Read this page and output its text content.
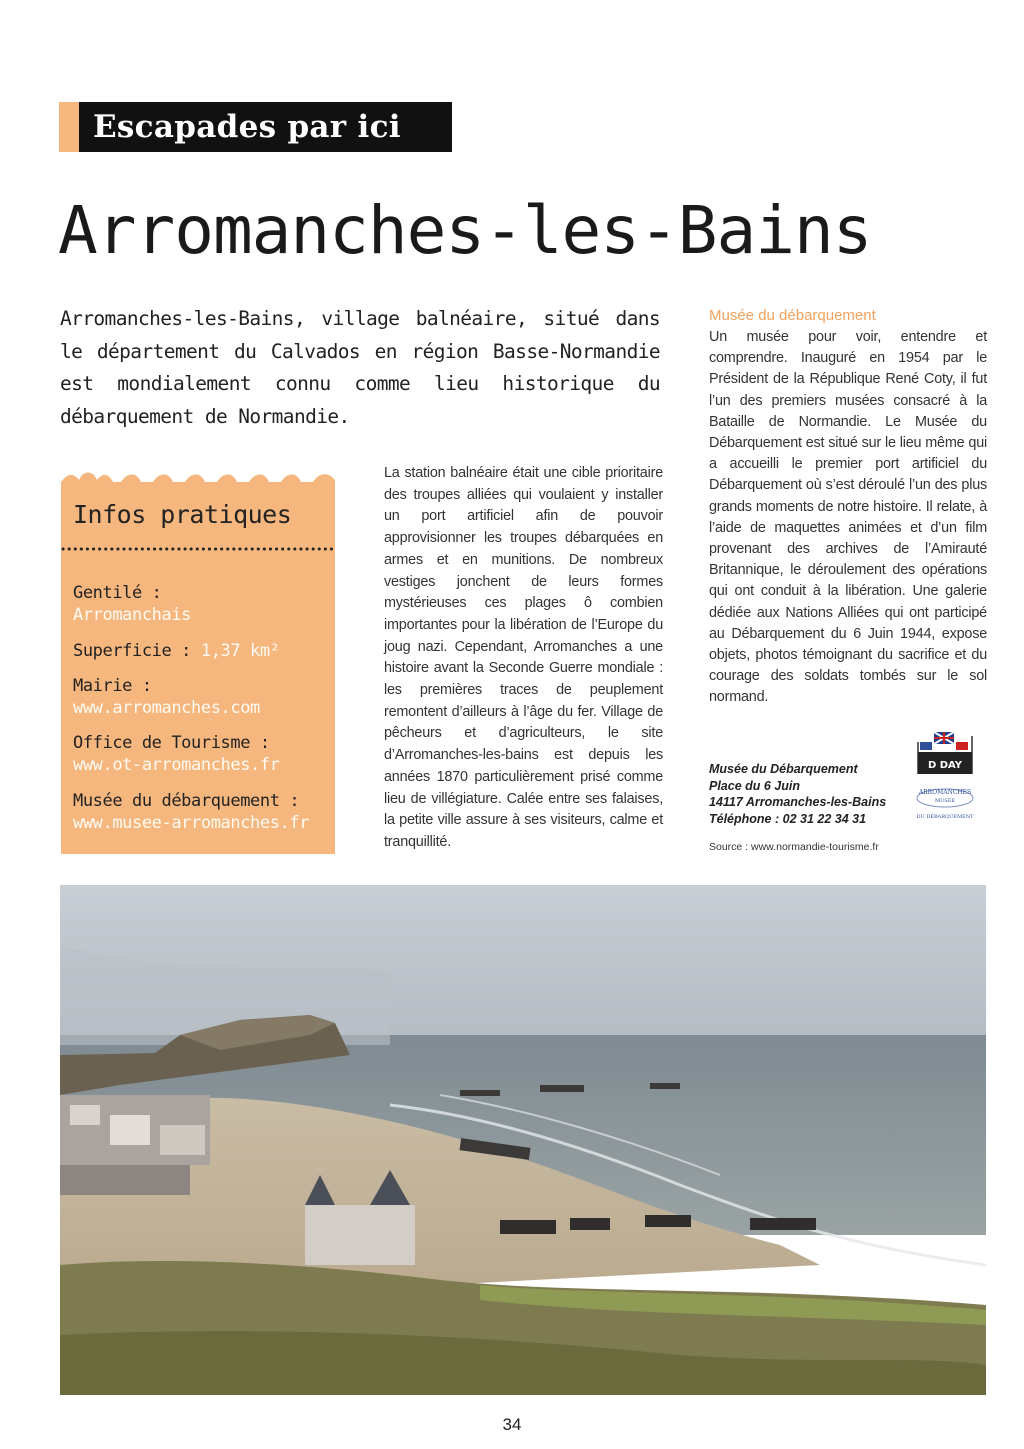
Escapades par ici
Arromanches-les-Bains

Arromanches-les-Bains, village balnéaire, situé dans le département du Calvados en région Basse-Normandie est mondialement connu comme lieu historique du débarquement de Normandie.

Infos pratiques
Gentilé :
Arromanchais
Superficie : 1,37 km²
Mairie :
www.arromanches.com
Office de Tourisme :
www.ot-arromanches.fr
Musée du débarquement :
www.musee-arromanches.fr

La station balnéaire était une cible prioritaire des troupes alliées qui voulaient y installer un port artificiel afin de pouvoir approvisionner les troupes débarquées en armes et en munitions. De nombreux vestiges jonchent de leurs formes mystérieuses ces plages ô combien importantes pour la libération de l’Europe du joug nazi. Cependant, Arromanches a une histoire avant la Seconde Guerre mondiale : les premières traces de peuplement remontent d’ailleurs à l’âge du fer. Village de pêcheurs et d’agriculteurs, le site d’Arromanches-les-bains est depuis les années 1870 particulièrement prisé comme lieu de villégiature. Calée entre ses falaises, la petite ville assure à ses visiteurs, calme et tranquillité.

Musée du débarquement

Un musée pour voir, entendre et comprendre. Inauguré en 1954 par le Président de la République René Coty, il fut l’un des premiers musées consacré à la Bataille de Normandie. Le Musée du Débarquement est situé sur le lieu même qui a accueilli le premier port artificiel du Débarquement où s’est déroulé l’un des plus grands moments de notre histoire. Il relate, à l’aide de maquettes animées et d’un film provenant des archives de l’Amirauté Britannique, le déroulement des opérations qui ont conduit à la libération. Une galerie dédiée aux Nations Alliées qui ont participé au Débarquement du 6 Juin 1944, expose objets, photos témoignant du sacrifice et du courage des soldats tombés sur le sol normand.

Musée du Débarquement
Place du 6 Juin
14117 Arromanches-les-Bains
Téléphone : 02 31 22 34 31
D DAY
ARROMANCHES
MUSÉE
DU DÉBARQUEMENT
Source : www.normandie-tourisme.fr
34
